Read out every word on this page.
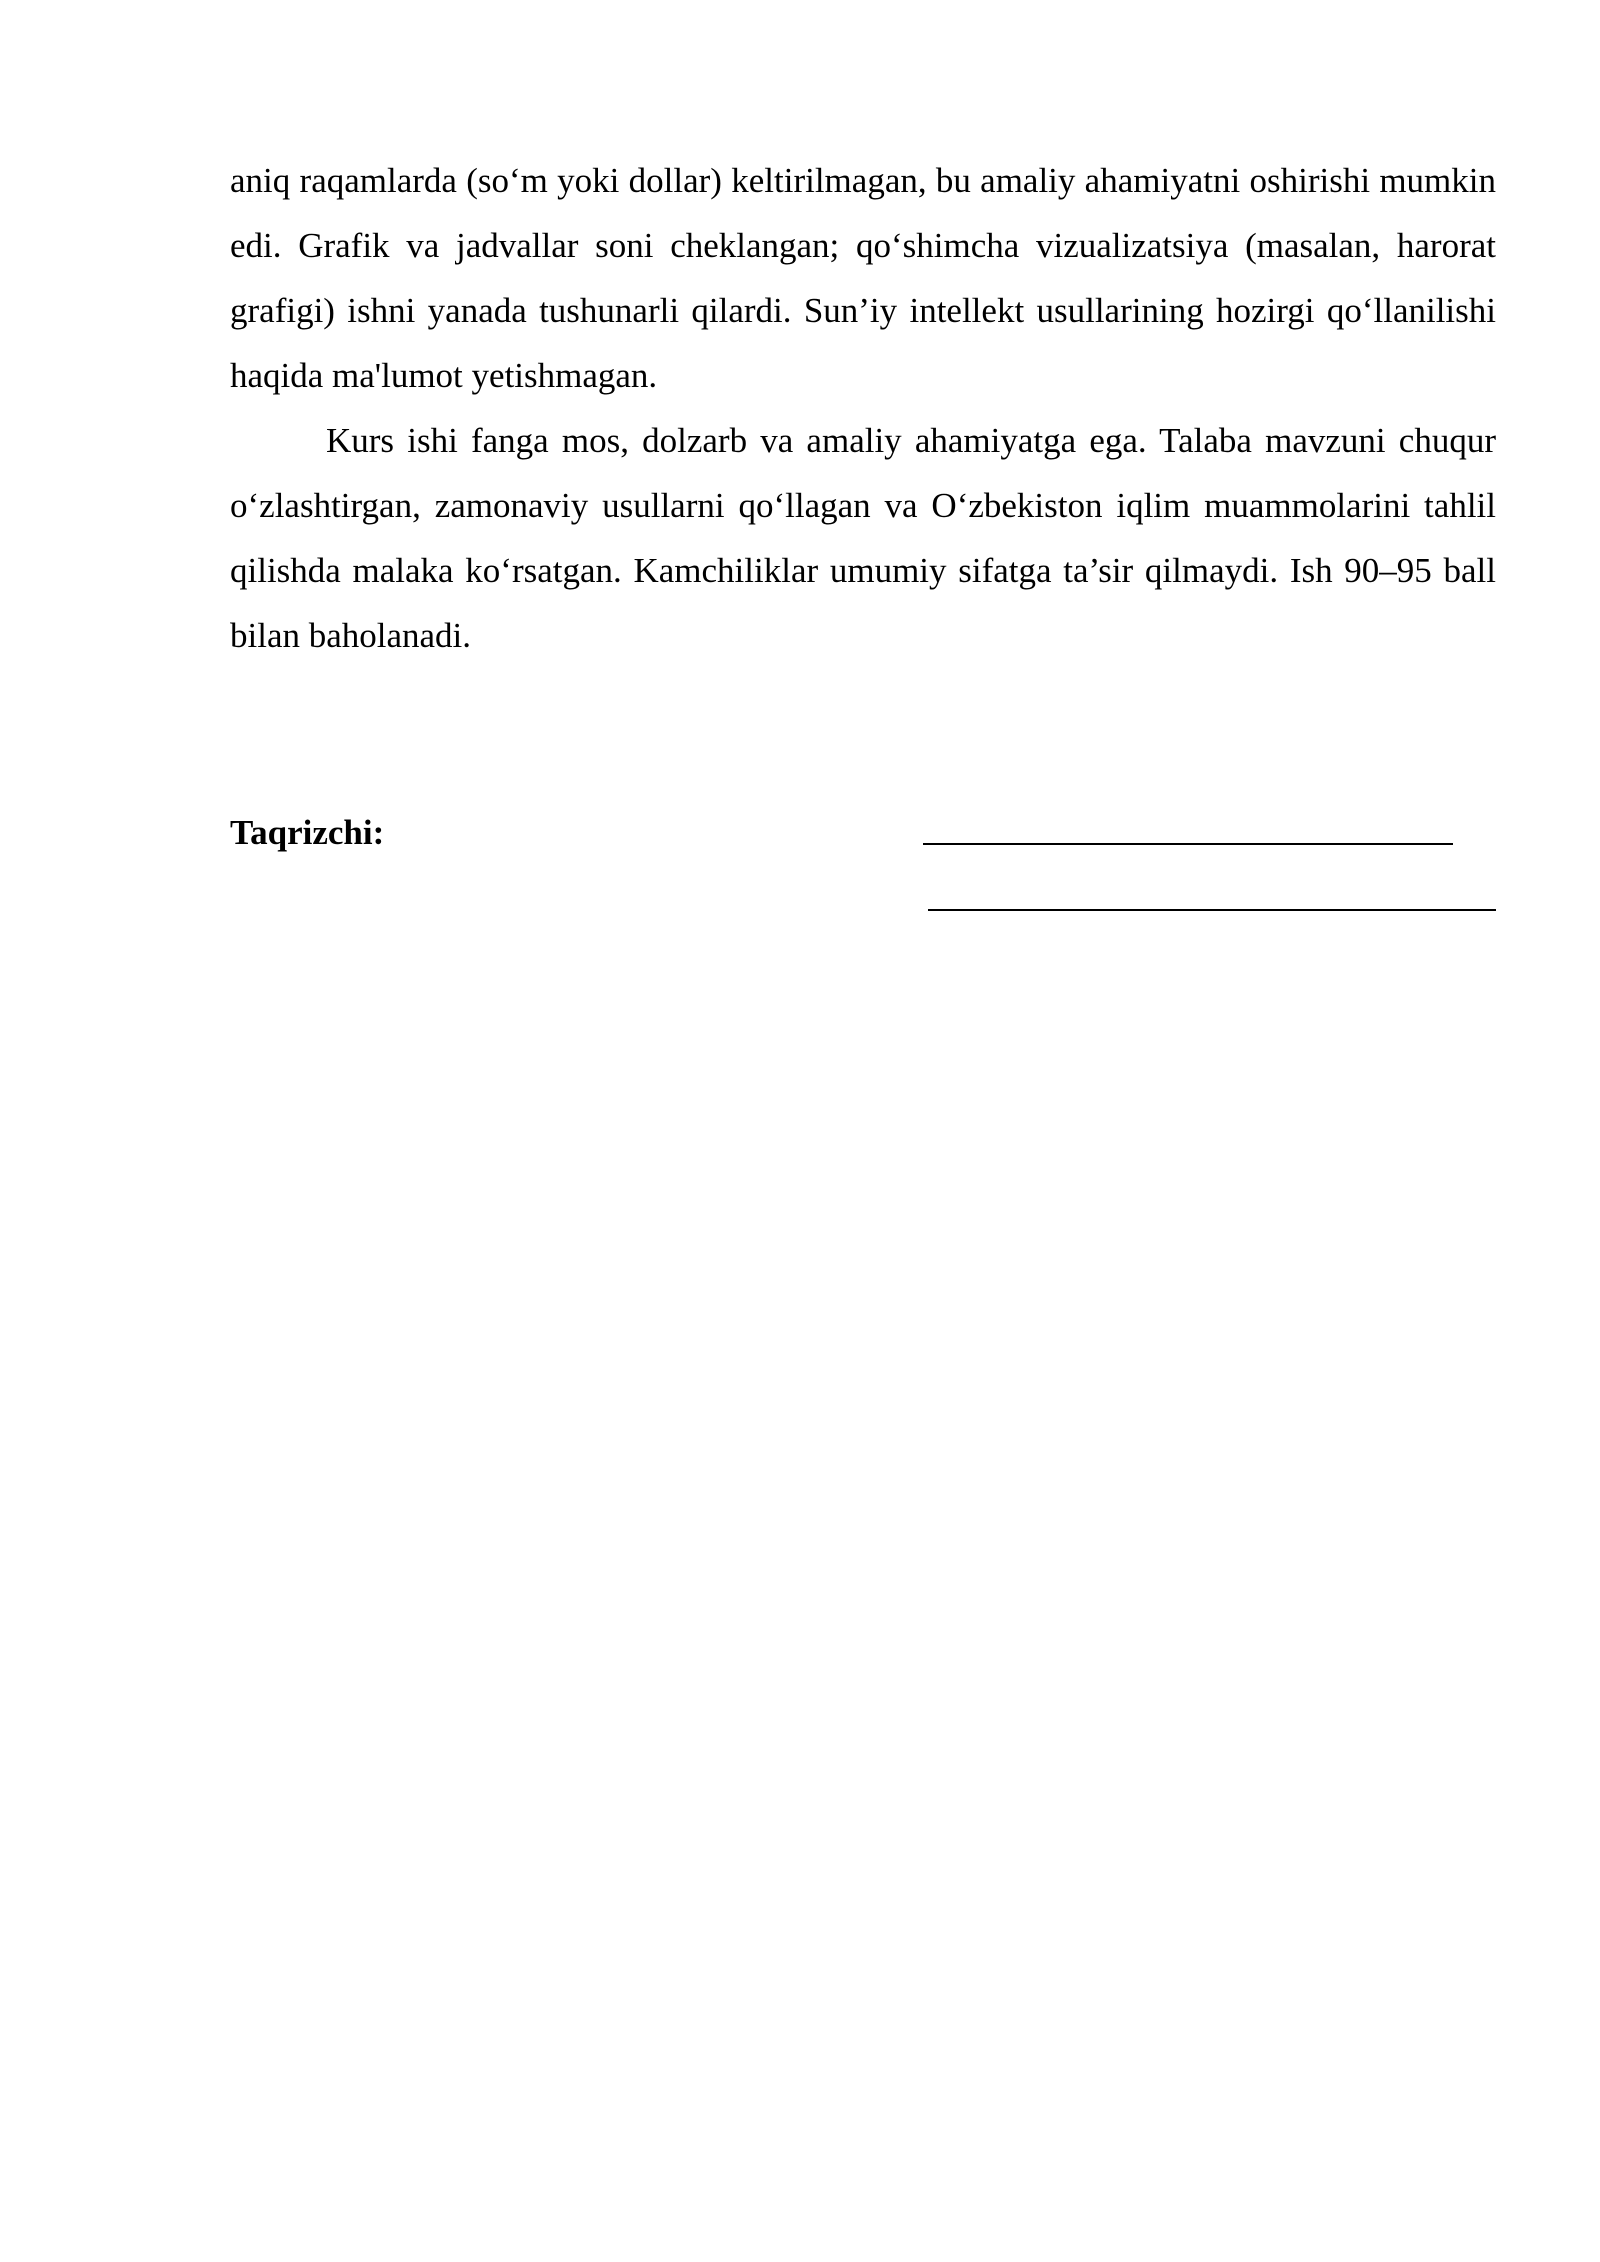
aniq raqamlarda (so‘m yoki dollar) keltirilmagan, bu amaliy ahamiyatni oshirishi mumkin edi. Grafik va jadvallar soni cheklangan; qo‘shimcha vizualizatsiya (masalan, harorat grafigi) ishni yanada tushunarli qilardi. Sun’iy intellekt usullarining hozirgi qo‘llanilishi haqida ma'lumot yetishmagan.

Kurs ishi fanga mos, dolzarb va amaliy ahamiyatga ega. Talaba mavzuni chuqur o‘zlashtirgan, zamonaviy usullarni qo‘llagan va O‘zbekiston iqlim muammolarini tahlil qilishda malaka ko‘rsatgan. Kamchiliklar umumiy sifatga ta’sir qilmaydi. Ish 90–95 ball bilan baholanadi.

Taqrizchi:
